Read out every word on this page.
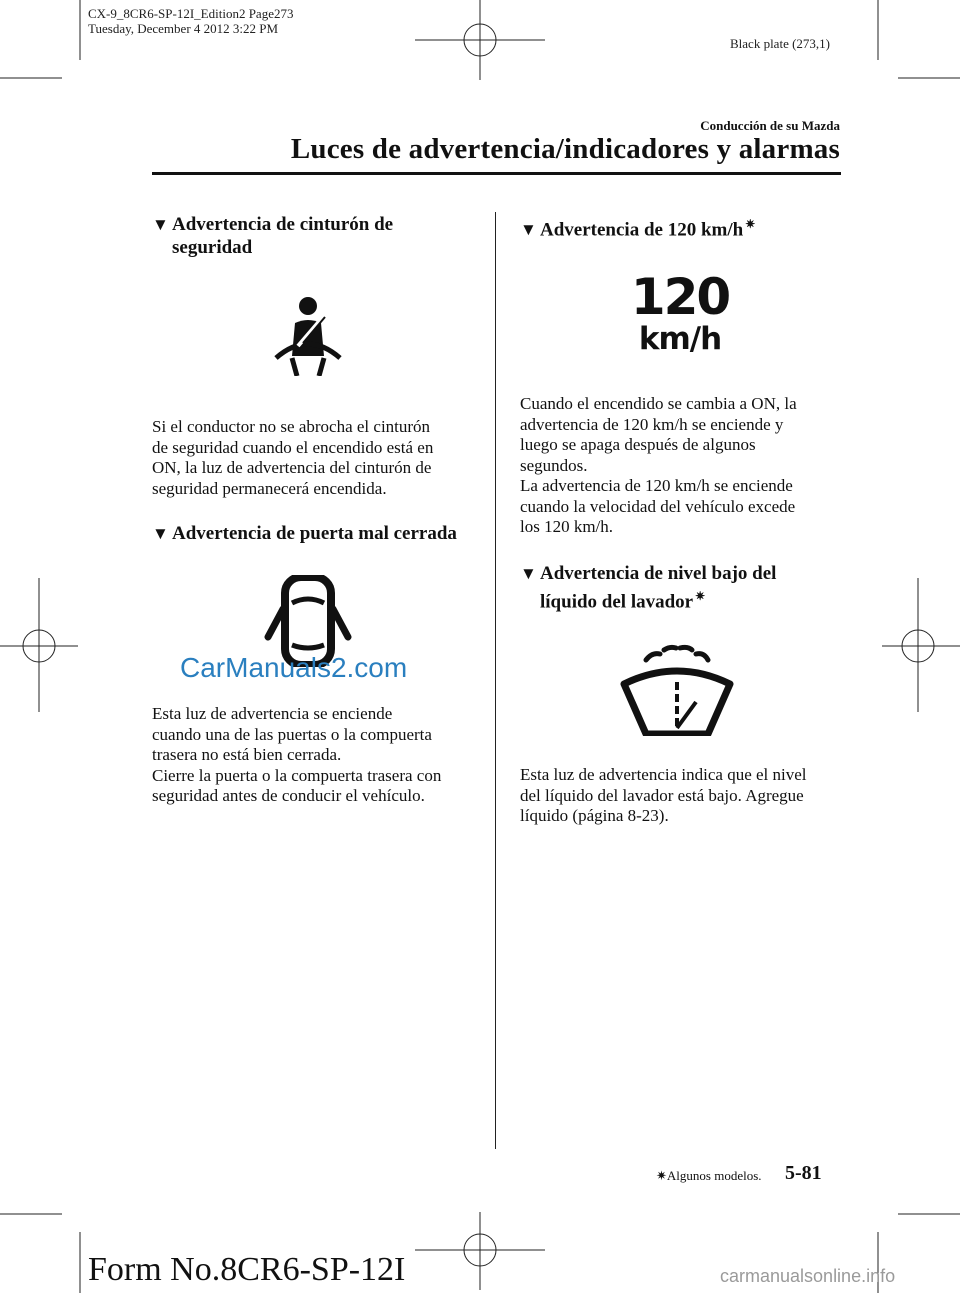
CX-9_8CR6-SP-12I_Edition2 Page273
Tuesday, December 4 2012 3:22 PM
Black plate (273,1)
Conducción de su Mazda
Luces de advertencia/indicadores y alarmas
▼ Advertencia de cinturón de
seguridad
Si el conductor no se abrocha el cinturón
de seguridad cuando el encendido está en
ON, la luz de advertencia del cinturón de
seguridad permanecerá encendida.
▼ Advertencia de puerta mal cerrada
CarManuals2.com
Esta luz de advertencia se enciende
cuando una de las puertas o la compuerta
trasera no está bien cerrada.
Cierre la puerta o la compuerta trasera con
seguridad antes de conducir el vehículo.
▼ Advertencia de 120 km/h ✷
120
km/h
Cuando el encendido se cambia a ON, la
advertencia de 120 km/h se enciende y
luego se apaga después de algunos
segundos.
La advertencia de 120 km/h se enciende
cuando la velocidad del vehículo excede
los 120 km/h.
▼ Advertencia de nivel bajo del
líquido del lavador ✷
Esta luz de advertencia indica que el nivel
del líquido del lavador está bajo. Agregue
líquido (página 8-23).
✷Algunos modelos. 5-81
Form No.8CR6-SP-12I	carmanualsonline.info
